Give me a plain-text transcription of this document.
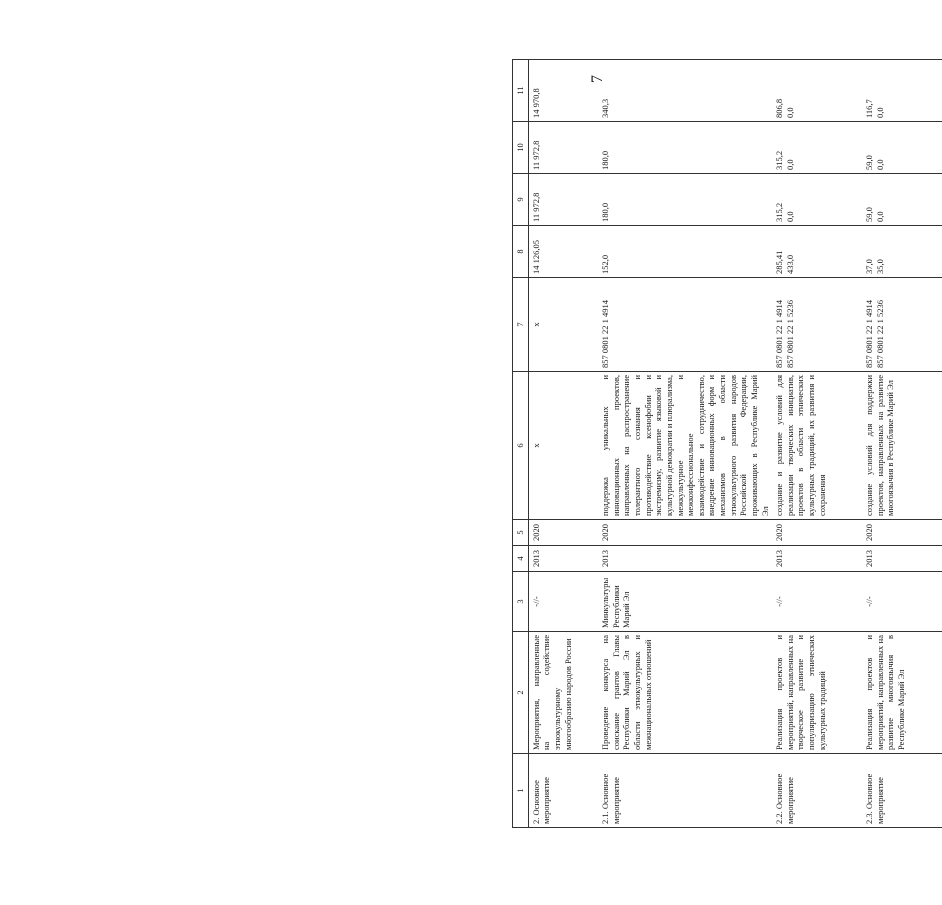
7
1	2	3	4	5	6	7	8	9	10	11
2. Основное мероприятие	Мероприятия, направленные на содействие этнокультурному многообразию народов России	-//-	2013	2020	х	х	14 126,05	11 972,8	11 972,8	14 970,8

2.1. Основное мероприятие	Проведение конкурса на соискание грантов Главы Республики Марий Эл в области этнокультурных и межнациональных отношений	Минкультуры Республики Марий Эл	2013	2020	поддержка уникальных и инновационных проектов, направленных на распространение толерантного сознания и противодействие ксенофобии и экстремизму, развитие языковой и культурной демократии и плюрализма, межкультурное и межконфессиональное взаимодействие и сотрудничество, внедрение инновационных форм и механизмов в области этнокультурного развития народов Российской Федерации, проживающих в Республике Марий Эл	857 0801 22 1 4914	152,0	180,0	180,0	340,3

2.2. Основное мероприятие	Реализация проектов и мероприятий, направленных на творческое развитие и популяризацию этнических культурных традиций	-//-	2013	2020	создание и развитие условий для реализации творческих инициатив, проектов в области этнических культурных традиций, их развития и сохранения	857 0801 22 1 4914 857 0801 22 1 5236	285,41 433,0	315,2 0,0	315,2 0,0	806,8 0,0

2.3. Основное мероприятие	Реализация проектов и мероприятий, направленных на развитие многоязычия в Республике Марий Эл	-//-	2013	2020	создание условий для поддержки проектов, направленных на развитие многоязычия в Республике Марий Эл	857 0801 22 1 4914 857 0801 22 1 5236	37,0 35,0	59,0 0,0	59,0 0,0	116,7 0,0
